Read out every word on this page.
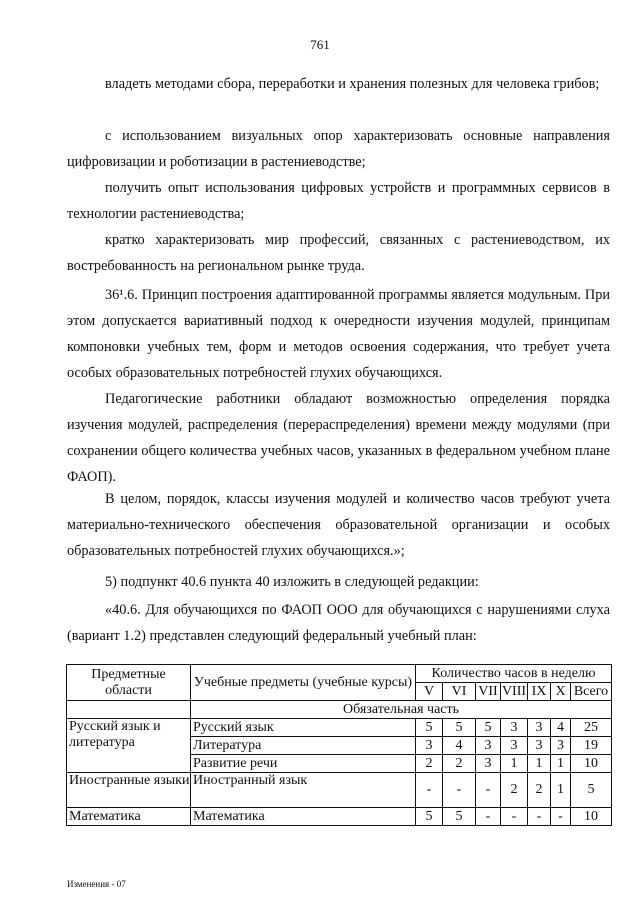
761

владеть методами сбора, переработки и хранения полезных для человека грибов;

с использованием визуальных опор характеризовать основные направления цифровизации и роботизации в растениеводстве;

получить опыт использования цифровых устройств и программных сервисов в технологии растениеводства;

кратко характеризовать мир профессий, связанных с растениеводством, их востребованность на региональном рынке труда.

36¹.6. Принцип построения адаптированной программы является модульным. При этом допускается вариативный подход к очередности изучения модулей, принципам компоновки учебных тем, форм и методов освоения содержания, что требует учета особых образовательных потребностей глухих обучающихся.

Педагогические работники обладают возможностью определения порядка изучения модулей, распределения (перераспределения) времени между модулями (при сохранении общего количества учебных часов, указанных в федеральном учебном плане ФАОП).

В целом, порядок, классы изучения модулей и количество часов требуют учета материально-технического обеспечения образовательной организации и особых образовательных потребностей глухих обучающихся.»;

5) подпункт 40.6 пункта 40 изложить в следующей редакции:

«40.6. Для обучающихся по ФАОП ООО для обучающихся с нарушениями слуха (вариант 1.2) представлен следующий федеральный учебный план:

Предметные области	Учебные предметы (учебные курсы)	Количество часов в неделю						
		V	VI	VII	VIII	IX	X	Всего
	Обязательная часть							
Русский язык и литература	Русский язык	5	5	5	3	3	4	25
	Литература	3	4	3	3	3	3	19
	Развитие речи	2	2	3	1	1	1	10
Иностранные языки	Иностранный язык	-	-	-	2	2	1	5
Математика	Математика	5	5	-	-	-	-	10
Изменения - 07
